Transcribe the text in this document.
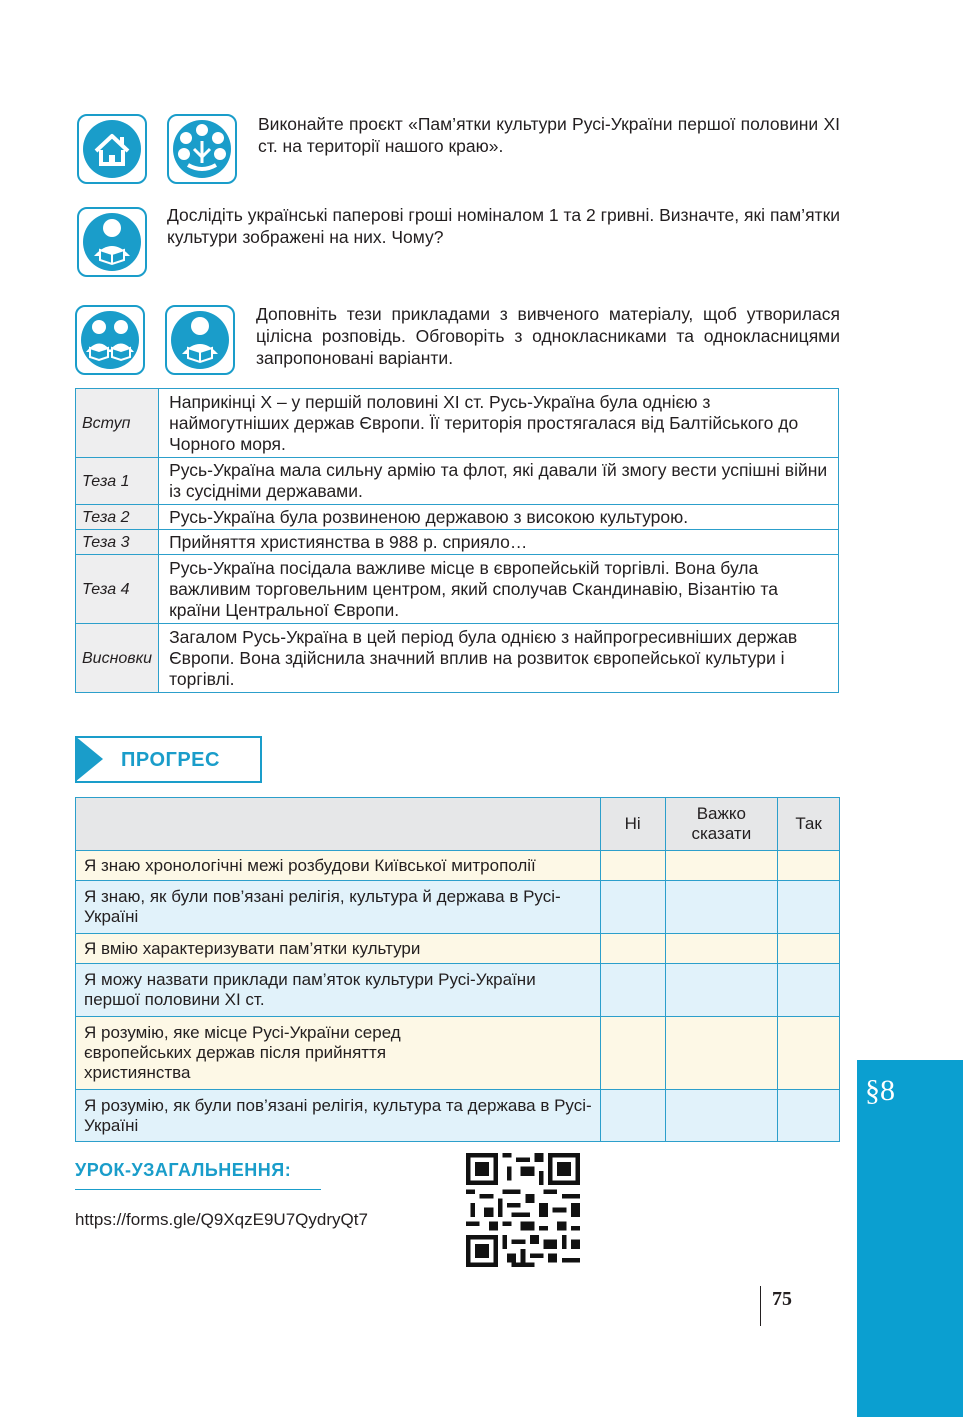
Виконайте проєкт «Пам’ятки культури Русі-України першої половини XI ст. на території нашого краю».
Дослідіть українські паперові гроші номіналом 1 та 2 гривні. Визначте, які пам’ятки культури зображені на них. Чому?
Доповніть тези прикладами з вивченого матеріалу, щоб утворилася цілісна розповідь. Обговоріть з однокласниками та однокласницями запропоновані варіанти.
Вступ	Наприкінці X – у першій половині XI ст. Русь-Україна була однією з наймогутніших держав Європи. Її територія простягалася від Балтійського до Чорного моря.
Теза 1	Русь-Україна мала сильну армію та флот, які давали їй змогу вести успішні війни із сусідніми державами.
Теза 2	Русь-Україна була розвиненою державою з високою культурою.
Теза 3	Прийняття християнства в 988 р. сприяло…
Теза 4	Русь-Україна посідала важливе місце в європейській торгівлі. Вона була важливим торговельним центром, який сполучав Скандинавію, Візантію та країни Центральної Європи.
Висновки	Загалом Русь-Україна в цей період була однією з найпрогресивніших держав Європи. Вона здійснила значний вплив на розвиток європейської культури і торгівлі.
ПРОГРЕС
	Ні	Важко сказати	Так
Я знаю хронологічні межі розбудови Київської митрополії			
Я знаю, як були пов’язані релігія, культура й держава в Русі-Україні			
Я вмію характеризувати пам’ятки культури			
Я можу назвати приклади пам’яток культури Русі-України першої половини XI ст.			

Я розумію, яке місце Русі-України серед європейських держав після прийняття християнства			

Я розумію, як були пов’язані релігія, культура та держава в Русі-Україні			
УРОК-УЗАГАЛЬНЕННЯ:
https://forms.gle/Q9XqzE9U7QydryQt7
75
§8
